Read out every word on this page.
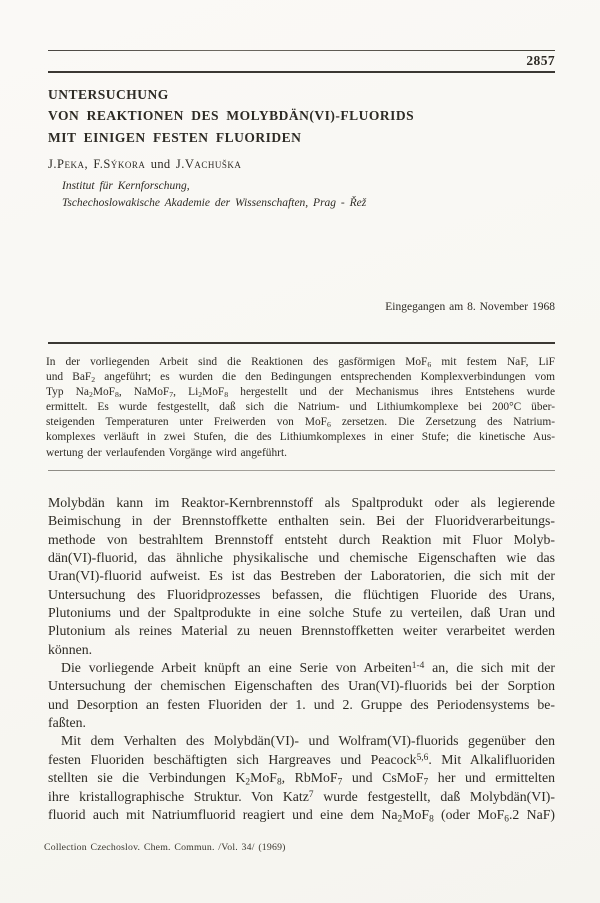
2857
UNTERSUCHUNG
VON REAKTIONEN DES MOLYBDÄN(VI)-FLUORIDS
MIT EINIGEN FESTEN FLUORIDEN
J.Peka, F.Sýkora und J.Vachuška
Institut für Kernforschung,
Tschechoslowakische Akademie der Wissenschaften, Prag - Řež
Eingegangen am 8. November 1968
In der vorliegenden Arbeit sind die Reaktionen des gasförmigen MoF$_6$ mit festem NaF, LiF
und BaF$_2$ angeführt; es wurden die den Bedingungen entsprechenden Komplexverbindungen vom
Typ $Na_2MoF_8$, NaMoF$_7$, $Li_2MoF_8$ hergestellt und der Mechanismus ihres Entstehens wurde
ermittelt. Es wurde festgestellt, daß sich die Natrium- und Lithiumkomplexe bei 200°C über-
steigenden Temperaturen unter Freiwerden von MoF$_6$ zersetzen. Die Zersetzung des Natrium-
komplexes verläuft in zwei Stufen, die des Lithiumkomplexes in einer Stufe; die kinetische Aus-
wertung der verlaufenden Vorgänge wird angeführt.
Molybdän kann im Reaktor-Kernbrennstoff als Spaltprodukt oder als legierende
Beimischung in der Brennstoffkette enthalten sein. Bei der Fluoridverarbeitungs-
methode von bestrahltem Brennstoff entsteht durch Reaktion mit Fluor Molyb-
dän(VI)-fluorid, das ähnliche physikalische und chemische Eigenschaften wie das
Uran(VI)-fluorid aufweist. Es ist das Bestreben der Laboratorien, die sich mit der
Untersuchung des Fluoridprozesses befassen, die flüchtigen Fluoride des Urans,
Plutoniums und der Spaltprodukte in eine solche Stufe zu verteilen, daß Uran und
Plutonium als reines Material zu neuen Brennstoffketten weiter verarbeitet werden
können.
Die vorliegende Arbeit knüpft an eine Serie von Arbeiten$^{1-4}$ an, die sich mit der
Untersuchung der chemischen Eigenschaften des Uran(VI)-fluorids bei der Sorption
und Desorption an festen Fluoriden der 1. und 2. Gruppe des Periodensystems be-
faßten.
Mit dem Verhalten des Molybdän(VI)- und Wolfram(VI)-fluorids gegenüber den
festen Fluoriden beschäftigten sich Hargreaves und Peacock$^{5,6}$. Mit Alkalifluoriden
stellten sie die Verbindungen $K_2MoF_8$, RbMoF$_7$ und CsMoF$_7$ her und ermittelten
ihre kristallographische Struktur. Von Katz$^7$ wurde festgestellt, daß Molybdän(VI)-
fluorid auch mit Natriumfluorid reagiert und eine dem $Na_2MoF_8$ (oder MoF$_6$.2 NaF)
Collection Czechoslov. Chem. Commun. /Vol. 34/ (1969)
